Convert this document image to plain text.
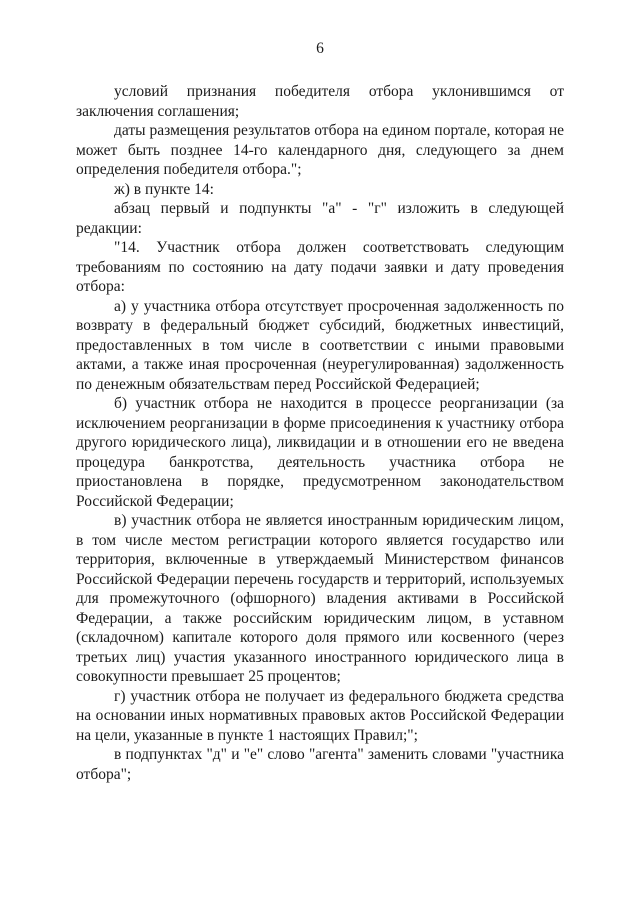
6

условий признания победителя отбора уклонившимся от заключения соглашения;

даты размещения результатов отбора на едином портале, которая не может быть позднее 14-го календарного дня, следующего за днем определения победителя отбора.";

ж) в пункте 14:

абзац первый и подпункты "а" - "г" изложить в следующей редакции:

"14. Участник отбора должен соответствовать следующим требованиям по состоянию на дату подачи заявки и дату проведения отбора:

а) у участника отбора отсутствует просроченная задолженность по возврату в федеральный бюджет субсидий, бюджетных инвестиций, предоставленных в том числе в соответствии с иными правовыми актами, а также иная просроченная (неурегулированная) задолженность по денежным обязательствам перед Российской Федерацией;

б) участник отбора не находится в процессе реорганизации (за исключением реорганизации в форме присоединения к участнику отбора другого юридического лица), ликвидации и в отношении его не введена процедура банкротства, деятельность участника отбора не приостановлена в порядке, предусмотренном законодательством Российской Федерации;

в) участник отбора не является иностранным юридическим лицом, в том числе местом регистрации которого является государство или территория, включенные в утверждаемый Министерством финансов Российской Федерации перечень государств и территорий, используемых для промежуточного (офшорного) владения активами в Российской Федерации, а также российским юридическим лицом, в уставном (складочном) капитале которого доля прямого или косвенного (через третьих лиц) участия указанного иностранного юридического лица в совокупности превышает 25 процентов;

г) участник отбора не получает из федерального бюджета средства на основании иных нормативных правовых актов Российской Федерации на цели, указанные в пункте 1 настоящих Правил;";

в подпунктах "д" и "е" слово "агента" заменить словами "участника отбора";
